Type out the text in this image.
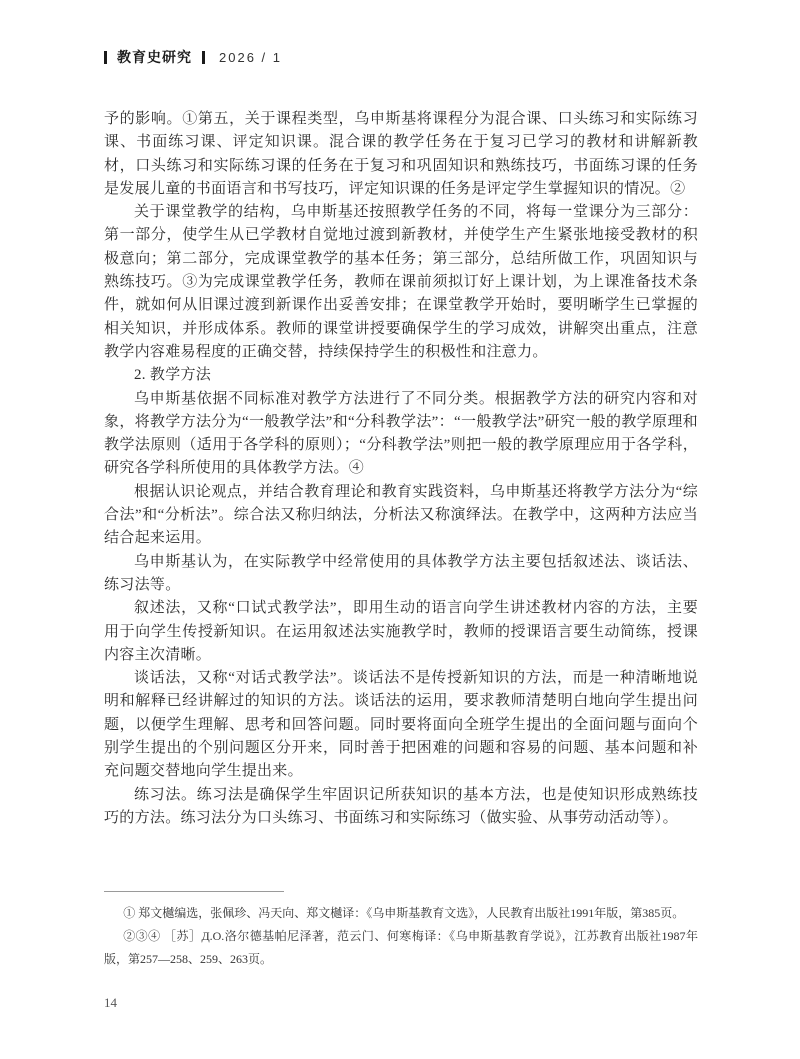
教育史研究 2026 / 1

予的影响。①第五，关于课程类型，乌申斯基将课程分为混合课、口头练习和实际练习课、书面练习课、评定知识课。混合课的教学任务在于复习已学习的教材和讲解新教材，口头练习和实际练习课的任务在于复习和巩固知识和熟练技巧，书面练习课的任务是发展儿童的书面语言和书写技巧，评定知识课的任务是评定学生掌握知识的情况。②

关于课堂教学的结构，乌申斯基还按照教学任务的不同，将每一堂课分为三部分：第一部分，使学生从已学教材自觉地过渡到新教材，并使学生产生紧张地接受教材的积极意向；第二部分，完成课堂教学的基本任务；第三部分，总结所做工作，巩固知识与熟练技巧。③为完成课堂教学任务，教师在课前须拟订好上课计划，为上课准备技术条件，就如何从旧课过渡到新课作出妥善安排；在课堂教学开始时，要明晰学生已掌握的相关知识，并形成体系。教师的课堂讲授要确保学生的学习成效，讲解突出重点，注意教学内容难易程度的正确交替，持续保持学生的积极性和注意力。

2. 教学方法

乌申斯基依据不同标准对教学方法进行了不同分类。根据教学方法的研究内容和对象，将教学方法分为“一般教学法”和“分科教学法”：“一般教学法”研究一般的教学原理和教学法原则（适用于各学科的原则）；“分科教学法”则把一般的教学原理应用于各学科，研究各学科所使用的具体教学方法。④

根据认识论观点，并结合教育理论和教育实践资料，乌申斯基还将教学方法分为“综合法”和“分析法”。综合法又称归纳法，分析法又称演绎法。在教学中，这两种方法应当结合起来运用。

乌申斯基认为，在实际教学中经常使用的具体教学方法主要包括叙述法、谈话法、练习法等。

叙述法，又称“口试式教学法”，即用生动的语言向学生讲述教材内容的方法，主要用于向学生传授新知识。在运用叙述法实施教学时，教师的授课语言要生动简练，授课内容主次清晰。

谈话法，又称“对话式教学法”。谈话法不是传授新知识的方法，而是一种清晰地说明和解释已经讲解过的知识的方法。谈话法的运用，要求教师清楚明白地向学生提出问题，以便学生理解、思考和回答问题。同时要将面向全班学生提出的全面问题与面向个别学生提出的个别问题区分开来，同时善于把困难的问题和容易的问题、基本问题和补充问题交替地向学生提出来。

练习法。练习法是确保学生牢固识记所获知识的基本方法，也是使知识形成熟练技巧的方法。练习法分为口头练习、书面练习和实际练习（做实验、从事劳动活动等）。

① 郑文樾编选，张佩珍、冯天向、郑文樾译：《乌申斯基教育文选》，人民教育出版社1991年版，第385页。

②③④ ［苏］Д.О.洛尔德基帕尼泽著，范云门、何寒梅译：《乌申斯基教育学说》，江苏教育出版社1987年版，第257—258、259、263页。

14
